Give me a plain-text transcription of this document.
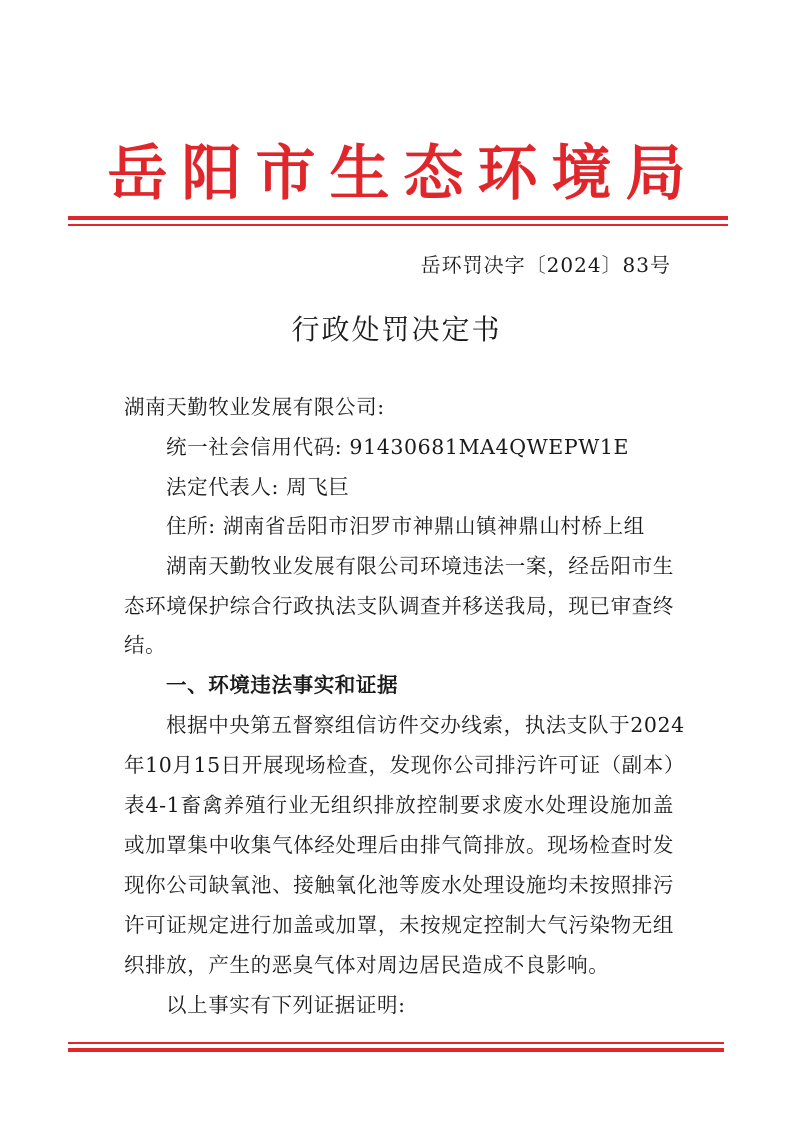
岳阳市生态环境局
岳环罚决字〔2024〕83号
行政处罚决定书
湖南天勤牧业发展有限公司:
统一社会信用代码: 91430681MA4QWEPW1E
法定代表人: 周飞巨
住所: 湖南省岳阳市汨罗市神鼎山镇神鼎山村桥上组
湖南天勤牧业发展有限公司环境违法一案，经岳阳市生
态环境保护综合行政执法支队调查并移送我局，现已审查终
结。
一、环境违法事实和证据
根据中央第五督察组信访件交办线索，执法支队于2024
年10月15日开展现场检查，发现你公司排污许可证（副本）
表4-1畜禽养殖行业无组织排放控制要求废水处理设施加盖
或加罩集中收集气体经处理后由排气筒排放。现场检查时发
现你公司缺氧池、接触氧化池等废水处理设施均未按照排污
许可证规定进行加盖或加罩，未按规定控制大气污染物无组
织排放，产生的恶臭气体对周边居民造成不良影响。
以上事实有下列证据证明:
